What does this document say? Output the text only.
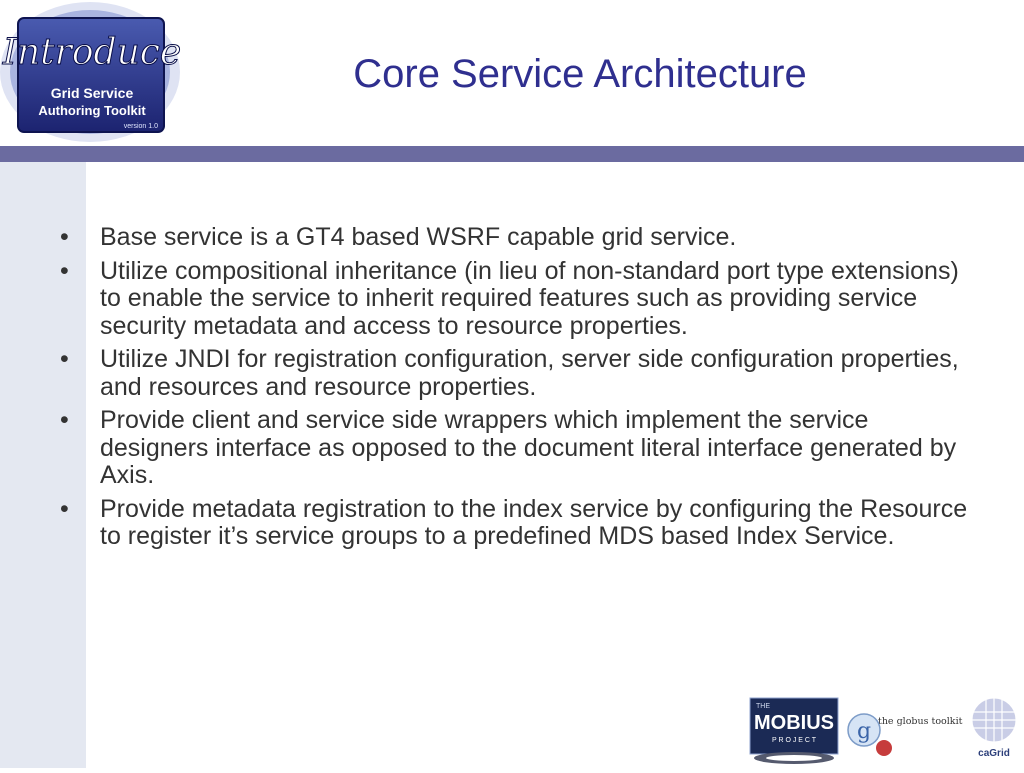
Introduce
Grid Service
Authoring Toolkit
version 1.0
Core Service Architecture
• Base service is a GT4 based WSRF capable grid service.
• Utilize compositional inheritance (in lieu of non-standard port type extensions) to enable the service to inherit required features such as providing service security metadata and access to resource properties.
• Utilize JNDI for registration configuration, server side configuration properties, and resources and resource properties.
• Provide client and service side wrappers which implement the service designers interface as opposed to the document literal interface generated by Axis.
• Provide metadata registration to the index service by configuring the Resource to register it’s service groups to a predefined MDS based Index Service.
THE
MOBIUS
P R O J E C T g the globus toolkit
caGrid
